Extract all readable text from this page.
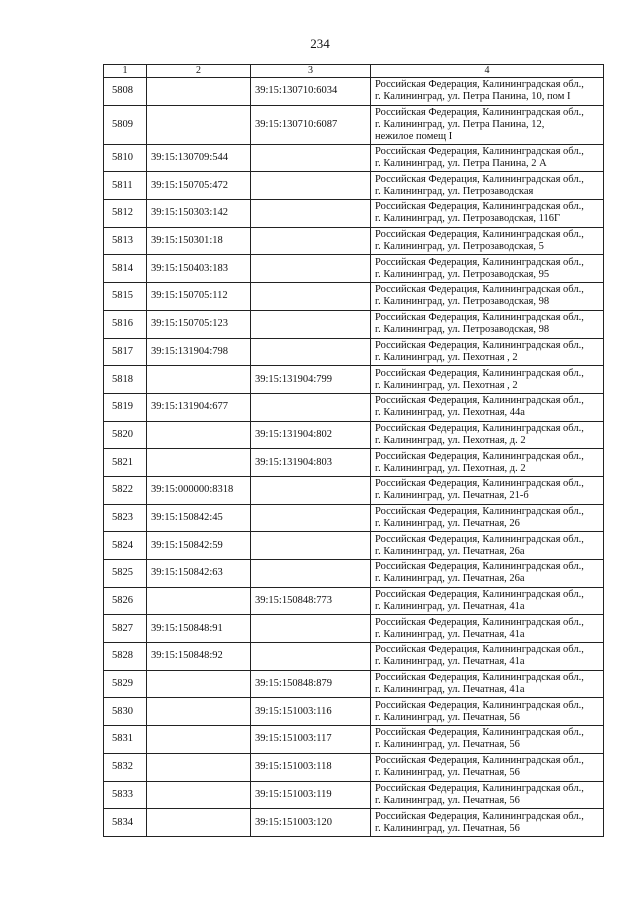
234
1	2	3	4
5808		39:15:130710:6034	Российская Федерация, Калининградская обл.,
г. Калининград, ул. Петра Панина, 10, пом I
5809		39:15:130710:6087	Российская Федерация, Калининградская обл.,
г. Калининград, ул. Петра Панина, 12,
нежилое помещ I
5810	39:15:130709:544		Российская Федерация, Калининградская обл.,
г. Калининград, ул. Петра Панина, 2 А
5811	39:15:150705:472		Российская Федерация, Калининградская обл.,
г. Калининград, ул. Петрозаводская
5812	39:15:150303:142		Российская Федерация, Калининградская обл.,
г. Калининград, ул. Петрозаводская, 116Г
5813	39:15:150301:18		Российская Федерация, Калининградская обл.,
г. Калининград, ул. Петрозаводская, 5
5814	39:15:150403:183		Российская Федерация, Калининградская обл.,
г. Калининград, ул. Петрозаводская, 95
5815	39:15:150705:112		Российская Федерация, Калининградская обл.,
г. Калининград, ул. Петрозаводская, 98
5816	39:15:150705:123		Российская Федерация, Калининградская обл.,
г. Калининград, ул. Петрозаводская, 98
5817	39:15:131904:798		Российская Федерация, Калининградская обл.,
г. Калининград, ул. Пехотная , 2
5818		39:15:131904:799	Российская Федерация, Калининградская обл.,
г. Калининград, ул. Пехотная , 2
5819	39:15:131904:677		Российская Федерация, Калининградская обл.,
г. Калининград, ул. Пехотная, 44а
5820		39:15:131904:802	Российская Федерация, Калининградская обл.,
г. Калининград, ул. Пехотная, д. 2
5821		39:15:131904:803	Российская Федерация, Калининградская обл.,
г. Калининград, ул. Пехотная, д. 2
5822	39:15:000000:8318		Российская Федерация, Калининградская обл.,
г. Калининград, ул. Печатная, 21-б
5823	39:15:150842:45		Российская Федерация, Калининградская обл.,
г. Калининград, ул. Печатная, 26
5824	39:15:150842:59		Российская Федерация, Калининградская обл.,
г. Калининград, ул. Печатная, 26а
5825	39:15:150842:63		Российская Федерация, Калининградская обл.,
г. Калининград, ул. Печатная, 26а
5826		39:15:150848:773	Российская Федерация, Калининградская обл.,
г. Калининград, ул. Печатная, 41а
5827	39:15:150848:91		Российская Федерация, Калининградская обл.,
г. Калининград, ул. Печатная, 41а
5828	39:15:150848:92		Российская Федерация, Калининградская обл.,
г. Калининград, ул. Печатная, 41а
5829		39:15:150848:879	Российская Федерация, Калининградская обл.,
г. Калининград, ул. Печатная, 41а
5830		39:15:151003:116	Российская Федерация, Калининградская обл.,
г. Калининград, ул. Печатная, 56
5831		39:15:151003:117	Российская Федерация, Калининградская обл.,
г. Калининград, ул. Печатная, 56
5832		39:15:151003:118	Российская Федерация, Калининградская обл.,
г. Калининград, ул. Печатная, 56
5833		39:15:151003:119	Российская Федерация, Калининградская обл.,
г. Калининград, ул. Печатная, 56
5834		39:15:151003:120	Российская Федерация, Калининградская обл.,
г. Калининград, ул. Печатная, 56
